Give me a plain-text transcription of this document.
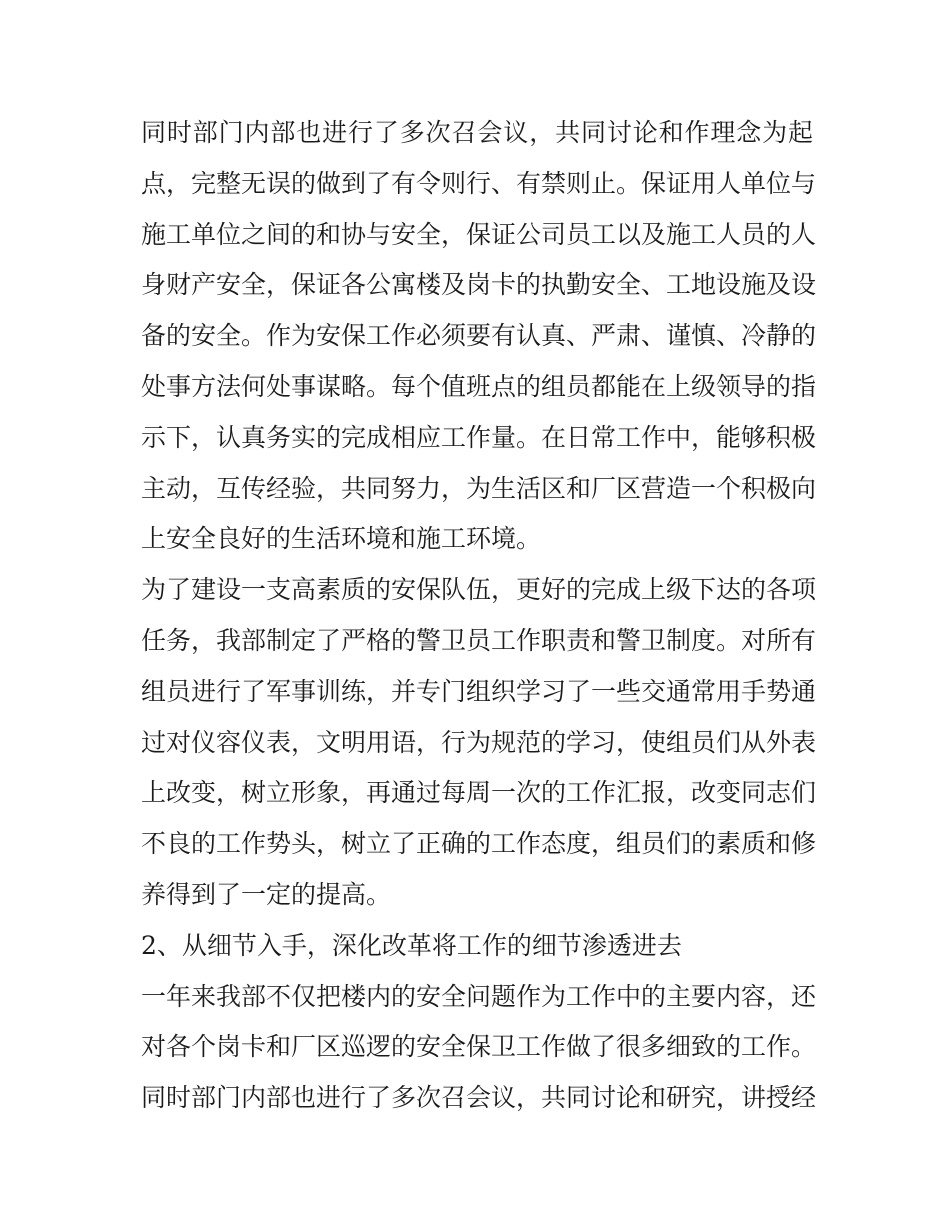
同时部门内部也进行了多次召会议，共同讨论和作理念为起
点，完整无误的做到了有令则行、有禁则止。保证用人单位与
施工单位之间的和协与安全，保证公司员工以及施工人员的人
身财产安全，保证各公寓楼及岗卡的执勤安全、工地设施及设
备的安全。作为安保工作必须要有认真、严肃、谨慎、冷静的
处事方法何处事谋略。每个值班点的组员都能在上级领导的指
示下，认真务实的完成相应工作量。在日常工作中，能够积极
主动，互传经验，共同努力，为生活区和厂区营造一个积极向
上安全良好的生活环境和施工环境。
为了建设一支高素质的安保队伍，更好的完成上级下达的各项
任务，我部制定了严格的警卫员工作职责和警卫制度。对所有
组员进行了军事训练，并专门组织学习了一些交通常用手势通
过对仪容仪表，文明用语，行为规范的学习，使组员们从外表
上改变，树立形象，再通过每周一次的工作汇报，改变同志们
不良的工作势头，树立了正确的工作态度，组员们的素质和修
养得到了一定的提高。
2、从细节入手，深化改革将工作的细节渗透进去
一年来我部不仅把楼内的安全问题作为工作中的主要内容，还
对各个岗卡和厂区巡逻的安全保卫工作做了很多细致的工作。
同时部门内部也进行了多次召会议，共同讨论和研究，讲授经
